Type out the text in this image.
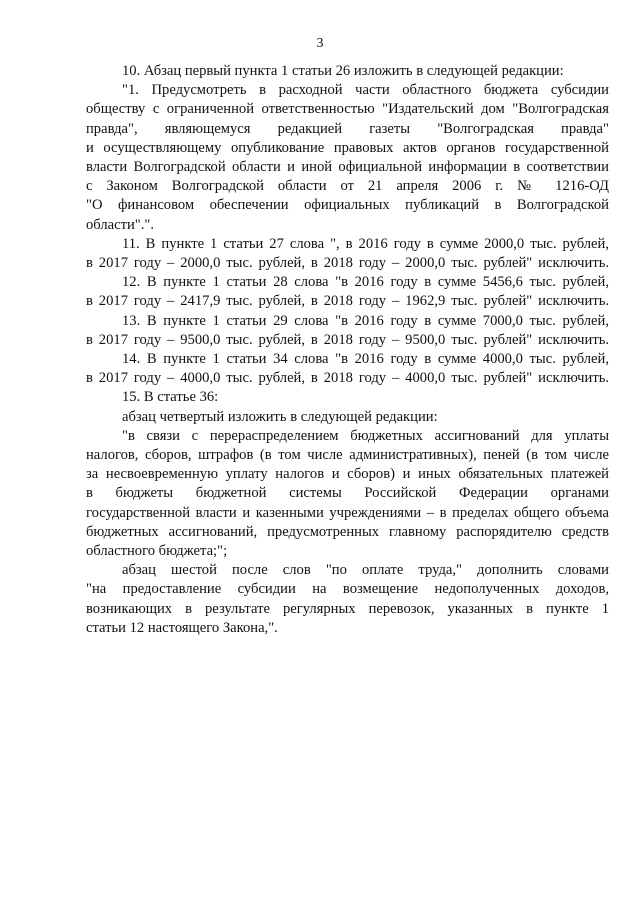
3

10. Абзац первый пункта 1 статьи 26 изложить в следующей редакции:

"1. Предусмотреть в расходной части областного бюджета субсидии

обществу с ограниченной ответственностью "Издательский дом "Волгоградская

правда", являющемуся редакцией газеты "Волгоградская правда"

и осуществляющему опубликование правовых актов органов государственной

власти Волгоградской области и иной официальной информации в соответствии

с Законом Волгоградской области от 21 апреля 2006 г. № 1216-ОД

"О финансовом обеспечении официальных публикаций в Волгоградской

области".".

11. В пункте 1 статьи 27 слова ", в 2016 году в сумме 2000,0 тыс. рублей,

в 2017 году – 2000,0 тыс. рублей, в 2018 году – 2000,0 тыс. рублей" исключить.

12. В пункте 1 статьи 28 слова "в 2016 году в сумме 5456,6 тыс. рублей,

в 2017 году – 2417,9 тыс. рублей, в 2018 году – 1962,9 тыс. рублей" исключить.

13. В пункте 1 статьи 29 слова "в 2016 году в сумме 7000,0 тыс. рублей,

в 2017 году – 9500,0 тыс. рублей, в 2018 году – 9500,0 тыс. рублей" исключить.

14. В пункте 1 статьи 34 слова "в 2016 году в сумме 4000,0 тыс. рублей,

в 2017 году – 4000,0 тыс. рублей, в 2018 году – 4000,0 тыс. рублей" исключить.

15. В статье 36:

абзац четвертый изложить в следующей редакции:

"в связи с перераспределением бюджетных ассигнований для уплаты

налогов, сборов, штрафов (в том числе административных), пеней (в том числе

за несвоевременную уплату налогов и сборов) и иных обязательных платежей

в бюджеты бюджетной системы Российской Федерации органами

государственной власти и казенными учреждениями – в пределах общего объема

бюджетных ассигнований, предусмотренных главному распорядителю средств

областного бюджета;";

абзац шестой после слов "по оплате труда," дополнить словами

"на предоставление субсидии на возмещение недополученных доходов,

возникающих в результате регулярных перевозок, указанных в пункте 1

статьи 12 настоящего Закона,".
